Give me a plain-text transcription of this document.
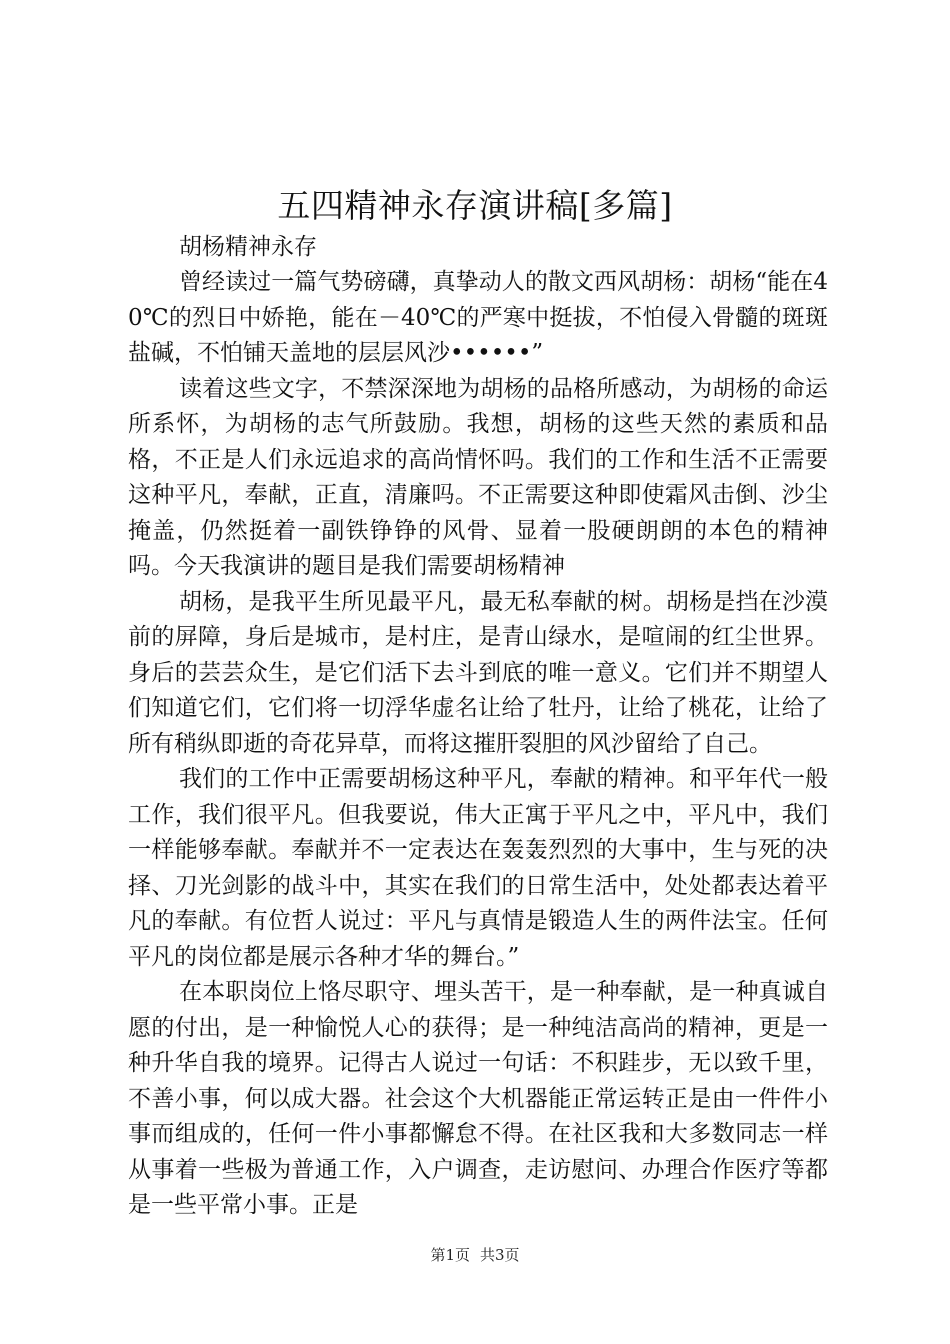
五四精神永存演讲稿[多篇]

胡杨精神永存

曾经读过一篇气势磅礴，真挚动人的散文西风胡杨：胡杨“能在40℃的烈日中娇艳，能在－40℃的严寒中挺拔，不怕侵入骨髓的斑斑盐碱，不怕铺天盖地的层层风沙••••••”

读着这些文字，不禁深深地为胡杨的品格所感动，为胡杨的命运所系怀，为胡杨的志气所鼓励。我想，胡杨的这些天然的素质和品格，不正是人们永远追求的高尚情怀吗。我们的工作和生活不正需要这种平凡，奉献，正直，清廉吗。不正需要这种即使霜风击倒、沙尘掩盖，仍然挺着一副铁铮铮的风骨、显着一股硬朗朗的本色的精神吗。今天我演讲的题目是我们需要胡杨精神

胡杨，是我平生所见最平凡，最无私奉献的树。胡杨是挡在沙漠前的屏障，身后是城市，是村庄，是青山绿水，是喧闹的红尘世界。身后的芸芸众生，是它们活下去斗到底的唯一意义。它们并不期望人们知道它们，它们将一切浮华虚名让给了牡丹，让给了桃花，让给了所有稍纵即逝的奇花异草，而将这摧肝裂胆的风沙留给了自己。

我们的工作中正需要胡杨这种平凡，奉献的精神。和平年代一般工作，我们很平凡。但我要说，伟大正寓于平凡之中，平凡中，我们一样能够奉献。奉献并不一定表达在轰轰烈烈的大事中，生与死的决择、刀光剑影的战斗中，其实在我们的日常生活中，处处都表达着平凡的奉献。有位哲人说过：平凡与真情是锻造人生的两件法宝。任何平凡的岗位都是展示各种才华的舞台。”

在本职岗位上恪尽职守、埋头苦干，是一种奉献，是一种真诚自愿的付出，是一种愉悦人心的获得；是一种纯洁高尚的精神，更是一种升华自我的境界。记得古人说过一句话：不积跬步，无以致千里，不善小事，何以成大器。社会这个大机器能正常运转正是由一件件小事而组成的，任何一件小事都懈怠不得。在社区我和大多数同志一样从事着一些极为普通工作，入户调查，走访慰问、办理合作医疗等都是一些平常小事。正是

第1页 共3页
